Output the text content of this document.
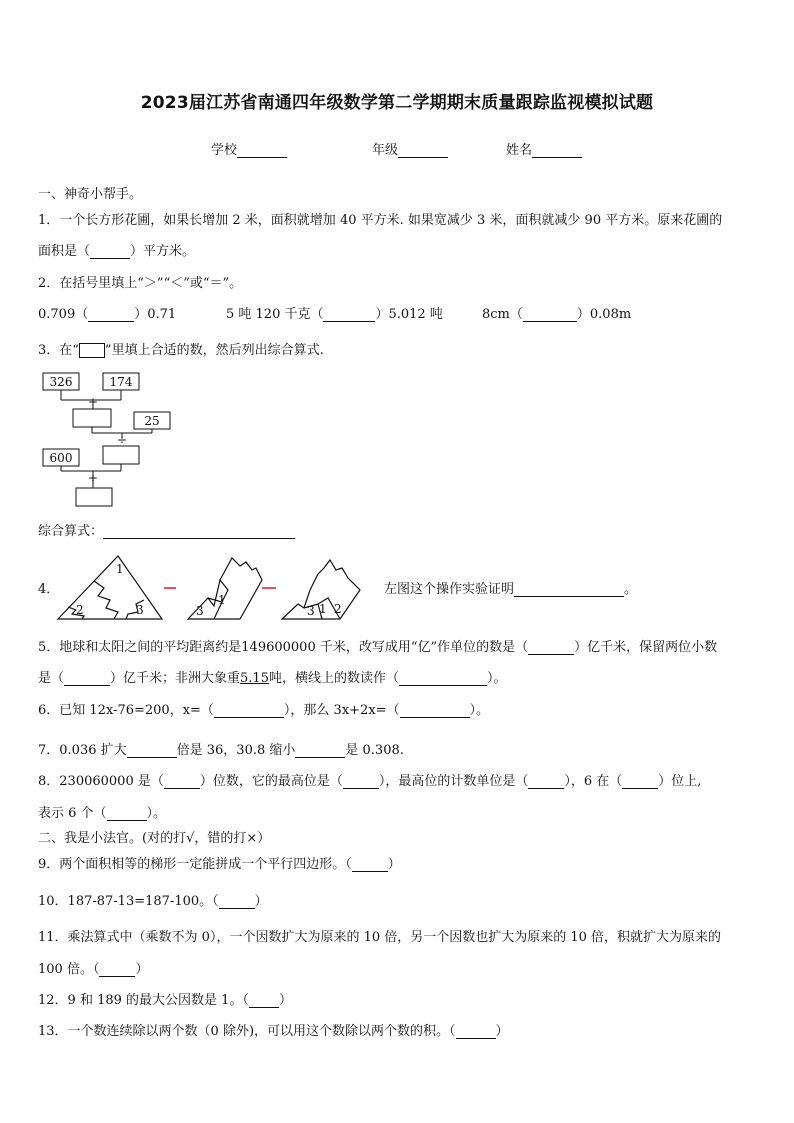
2023届江苏省南通四年级数学第二学期期末质量跟踪监视模拟试题
学校	年级	姓名
一、神奇小帮手。
1．一个长方形花圃，如果长增加 2 米，面积就增加 40 平方米. 如果宽减少 3 米，面积就减少 90 平方米。原来花圃的
面积是（	）平方米。
2．在括号里填上“＞”“＜”或“＝”。
0.709（	）0.71	5 吨 120 千克（	）5.012 吨	8cm（	）0.08m
3．在“ ”里填上合适的数，然后列出综合算式.
326	174
+
25
÷
600
÷
1
2	3	3
1
3 1 2
综合算式：
4．	左图这个操作实验证明	。
5．地球和太阳之间的平均距离约是149600000 千米，改写成用“亿”作单位的数是（	）亿千米，保留两位小数
是（	）亿千米；非洲大象重5.15吨，横线上的数读作（	）。
6．已知 12x-76=200，x=（	），那么 3x+2x=（	）。
7．0.036 扩大	倍是 36，30.8 缩小	是 0.308.
8．230060000 是（	）位数，它的最高位是（	），最高位的计数单位是（	），6 在（	）位上,
表示 6 个（	）。
二、我是小法官。(对的打√，错的打×）
9．两个面积相等的梯形一定能拼成一个平行四边形。（	）
10．187-87-13=187-100。（	）
11．乘法算式中（乘数不为 0），一个因数扩大为原来的 10 倍，另一个因数也扩大为原来的 10 倍，积就扩大为原来的
100 倍。（	）
12．9 和 189 的最大公因数是 1。（ ）
13．一个数连续除以两个数（0 除外)，可以用这个数除以两个数的积。（	）
